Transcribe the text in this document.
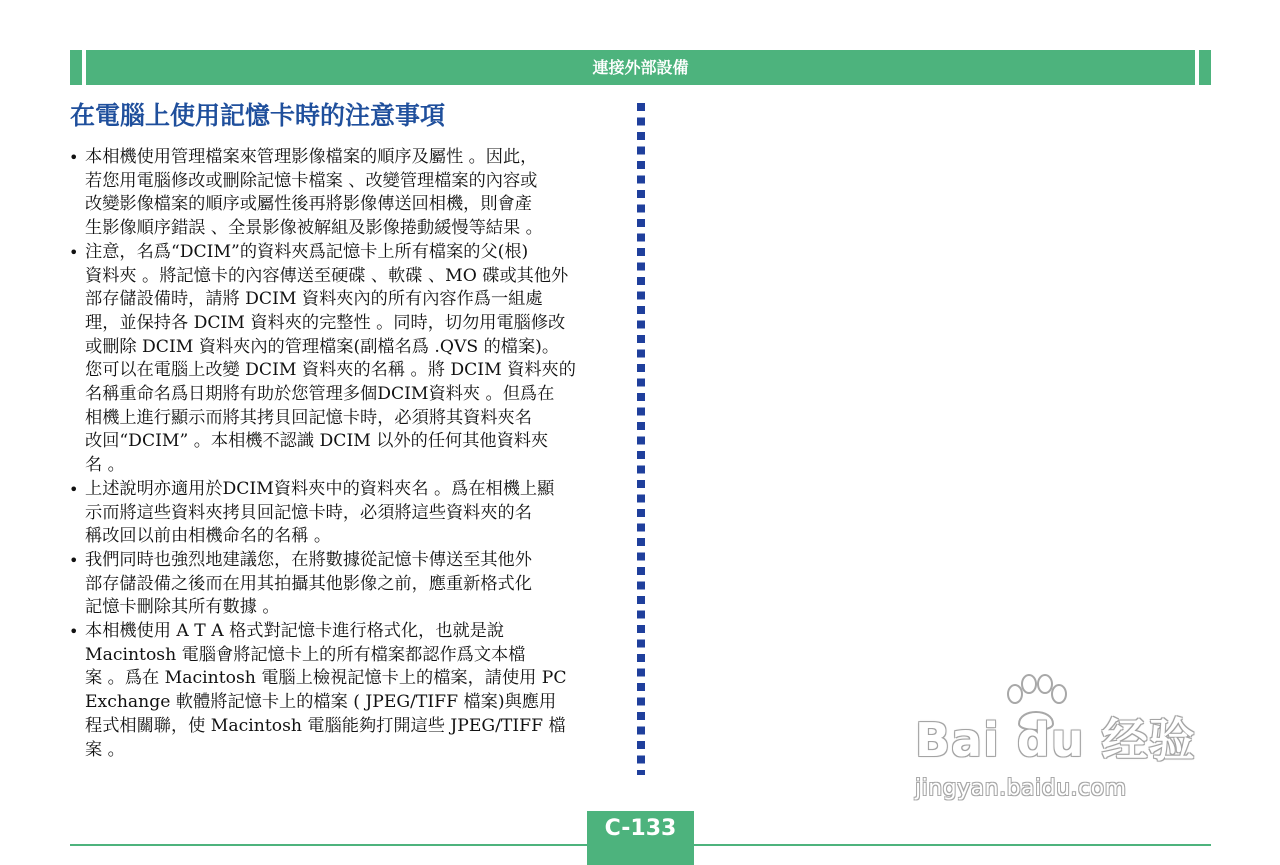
連接外部設備
在電腦上使用記憶卡時的注意事項
• 本相機使用管理檔案來管理影像檔案的順序及屬性 。因此，
若您用電腦修改或刪除記憶卡檔案 、改變管理檔案的內容或
改變影像檔案的順序或屬性後再將影像傳送回相機，則會產
生影像順序錯誤 、全景影像被解組及影像捲動緩慢等結果 。
• 注意，名爲“DCIM”的資料夾爲記憶卡上所有檔案的父(根)
資料夾 。將記憶卡的內容傳送至硬碟 、軟碟 、MO 碟或其他外
部存儲設備時，請將 DCIM 資料夾內的所有內容作爲一組處
理，並保持各 DCIM 資料夾的完整性 。同時，切勿用電腦修改
或刪除 DCIM 資料夾內的管理檔案(副檔名爲 .QVS 的檔案)。
您可以在電腦上改變 DCIM 資料夾的名稱 。將 DCIM 資料夾的
名稱重命名爲日期將有助於您管理多個DCIM資料夾 。但爲在
相機上進行顯示而將其拷貝回記憶卡時，必須將其資料夾名
改回“DCIM” 。本相機不認識 DCIM 以外的任何其他資料夾
名 。
• 上述說明亦適用於DCIM資料夾中的資料夾名 。爲在相機上顯
示而將這些資料夾拷貝回記憶卡時，必須將這些資料夾的名
稱改回以前由相機命名的名稱 。
• 我們同時也強烈地建議您，在將數據從記憶卡傳送至其他外
部存儲設備之後而在用其拍攝其他影像之前，應重新格式化
記憶卡刪除其所有數據 。
• 本相機使用 A T A 格式對記憶卡進行格式化，也就是說
Macintosh 電腦會將記憶卡上的所有檔案都認作爲文本檔
案 。爲在 Macintosh 電腦上檢視記憶卡上的檔案，請使用 PC
Exchange 軟體將記憶卡上的檔案 ( JPEG/TIFF 檔案)與應用
程式相關聯，使 Macintosh 電腦能夠打開這些 JPEG/TIFF 檔
案 。
C-133
Bai du 经验
jingyan.baidu.com
